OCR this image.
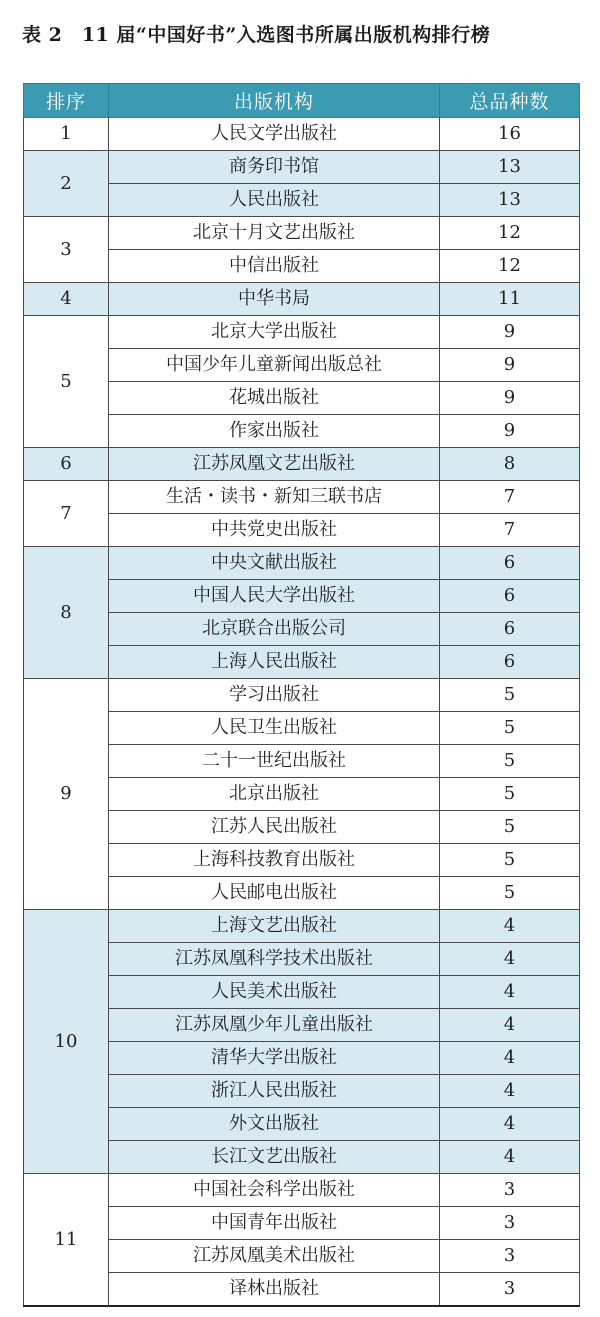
表 2　11 届“中国好书”入选图书所属出版机构排行榜
排序	出版机构	总品种数
1	人民文学出版社	16
2	商务印书馆	13
	人民出版社	13
3	北京十月文艺出版社	12
	中信出版社	12
4	中华书局	11
5	北京大学出版社	9
	中国少年儿童新闻出版总社	9
	花城出版社	9
	作家出版社	9
6	江苏凤凰文艺出版社	8
7	生活・读书・新知三联书店	7
	中共党史出版社	7
8	中央文献出版社	6
	中国人民大学出版社	6
	北京联合出版公司	6
	上海人民出版社	6
9	学习出版社	5
	人民卫生出版社	5
	二十一世纪出版社	5
	北京出版社	5
	江苏人民出版社	5
	上海科技教育出版社	5
	人民邮电出版社	5
10	上海文艺出版社	4
	江苏凤凰科学技术出版社	4
	人民美术出版社	4
	江苏凤凰少年儿童出版社	4
	清华大学出版社	4
	浙江人民出版社	4
	外文出版社	4
	长江文艺出版社	4
11	中国社会科学出版社	3
	中国青年出版社	3
	江苏凤凰美术出版社	3
	译林出版社	3
